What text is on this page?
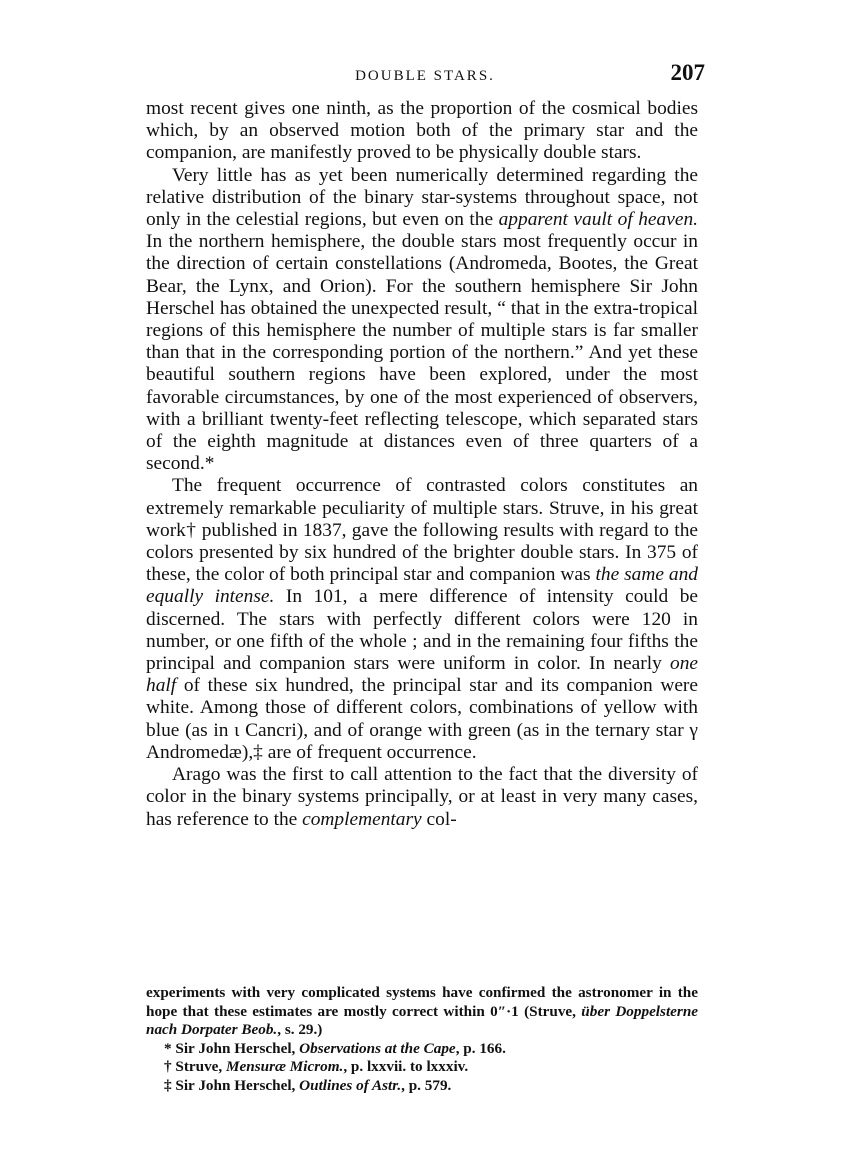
DOUBLE STARS.	207

most recent gives one ninth, as the proportion of the cosmical bodies which, by an observed motion both of the primary star and the companion, are manifestly proved to be physically double stars.

Very little has as yet been numerically determined regarding the relative distribution of the binary star-systems throughout space, not only in the celestial regions, but even on the apparent vault of heaven. In the northern hemisphere, the double stars most frequently occur in the direction of certain constellations (Andromeda, Bootes, the Great Bear, the Lynx, and Orion). For the southern hemisphere Sir John Herschel has obtained the unexpected result, “ that in the extra-tropical regions of this hemisphere the number of multiple stars is far smaller than that in the corresponding portion of the northern.” And yet these beautiful southern regions have been explored, under the most favorable circumstances, by one of the most experienced of observers, with a brilliant twenty-feet reflecting telescope, which separated stars of the eighth magnitude at distances even of three quarters of a second.*

The frequent occurrence of contrasted colors constitutes an extremely remarkable peculiarity of multiple stars. Struve, in his great work† published in 1837, gave the following results with regard to the colors presented by six hundred of the brighter double stars. In 375 of these, the color of both principal star and companion was the same and equally intense. In 101, a mere difference of intensity could be discerned. The stars with perfectly different colors were 120 in number, or one fifth of the whole ; and in the remaining four fifths the principal and companion stars were uniform in color. In nearly one half of these six hundred, the principal star and its companion were white. Among those of different colors, combinations of yellow with blue (as in ι Cancri), and of orange with green (as in the ternary star γ Andromedæ),‡ are of frequent occurrence.

Arago was the first to call attention to the fact that the diversity of color in the binary systems principally, or at least in very many cases, has reference to the complementary col-

experiments with very complicated systems have confirmed the astronomer in the hope that these estimates are mostly correct within 0″·1 (Struve, über Doppelsterne nach Dorpater Beob., s. 29.)

* Sir John Herschel, Observations at the Cape, p. 166.

† Struve, Mensuræ Microm., p. lxxvii. to lxxxiv.

‡ Sir John Herschel, Outlines of Astr., p. 579.
